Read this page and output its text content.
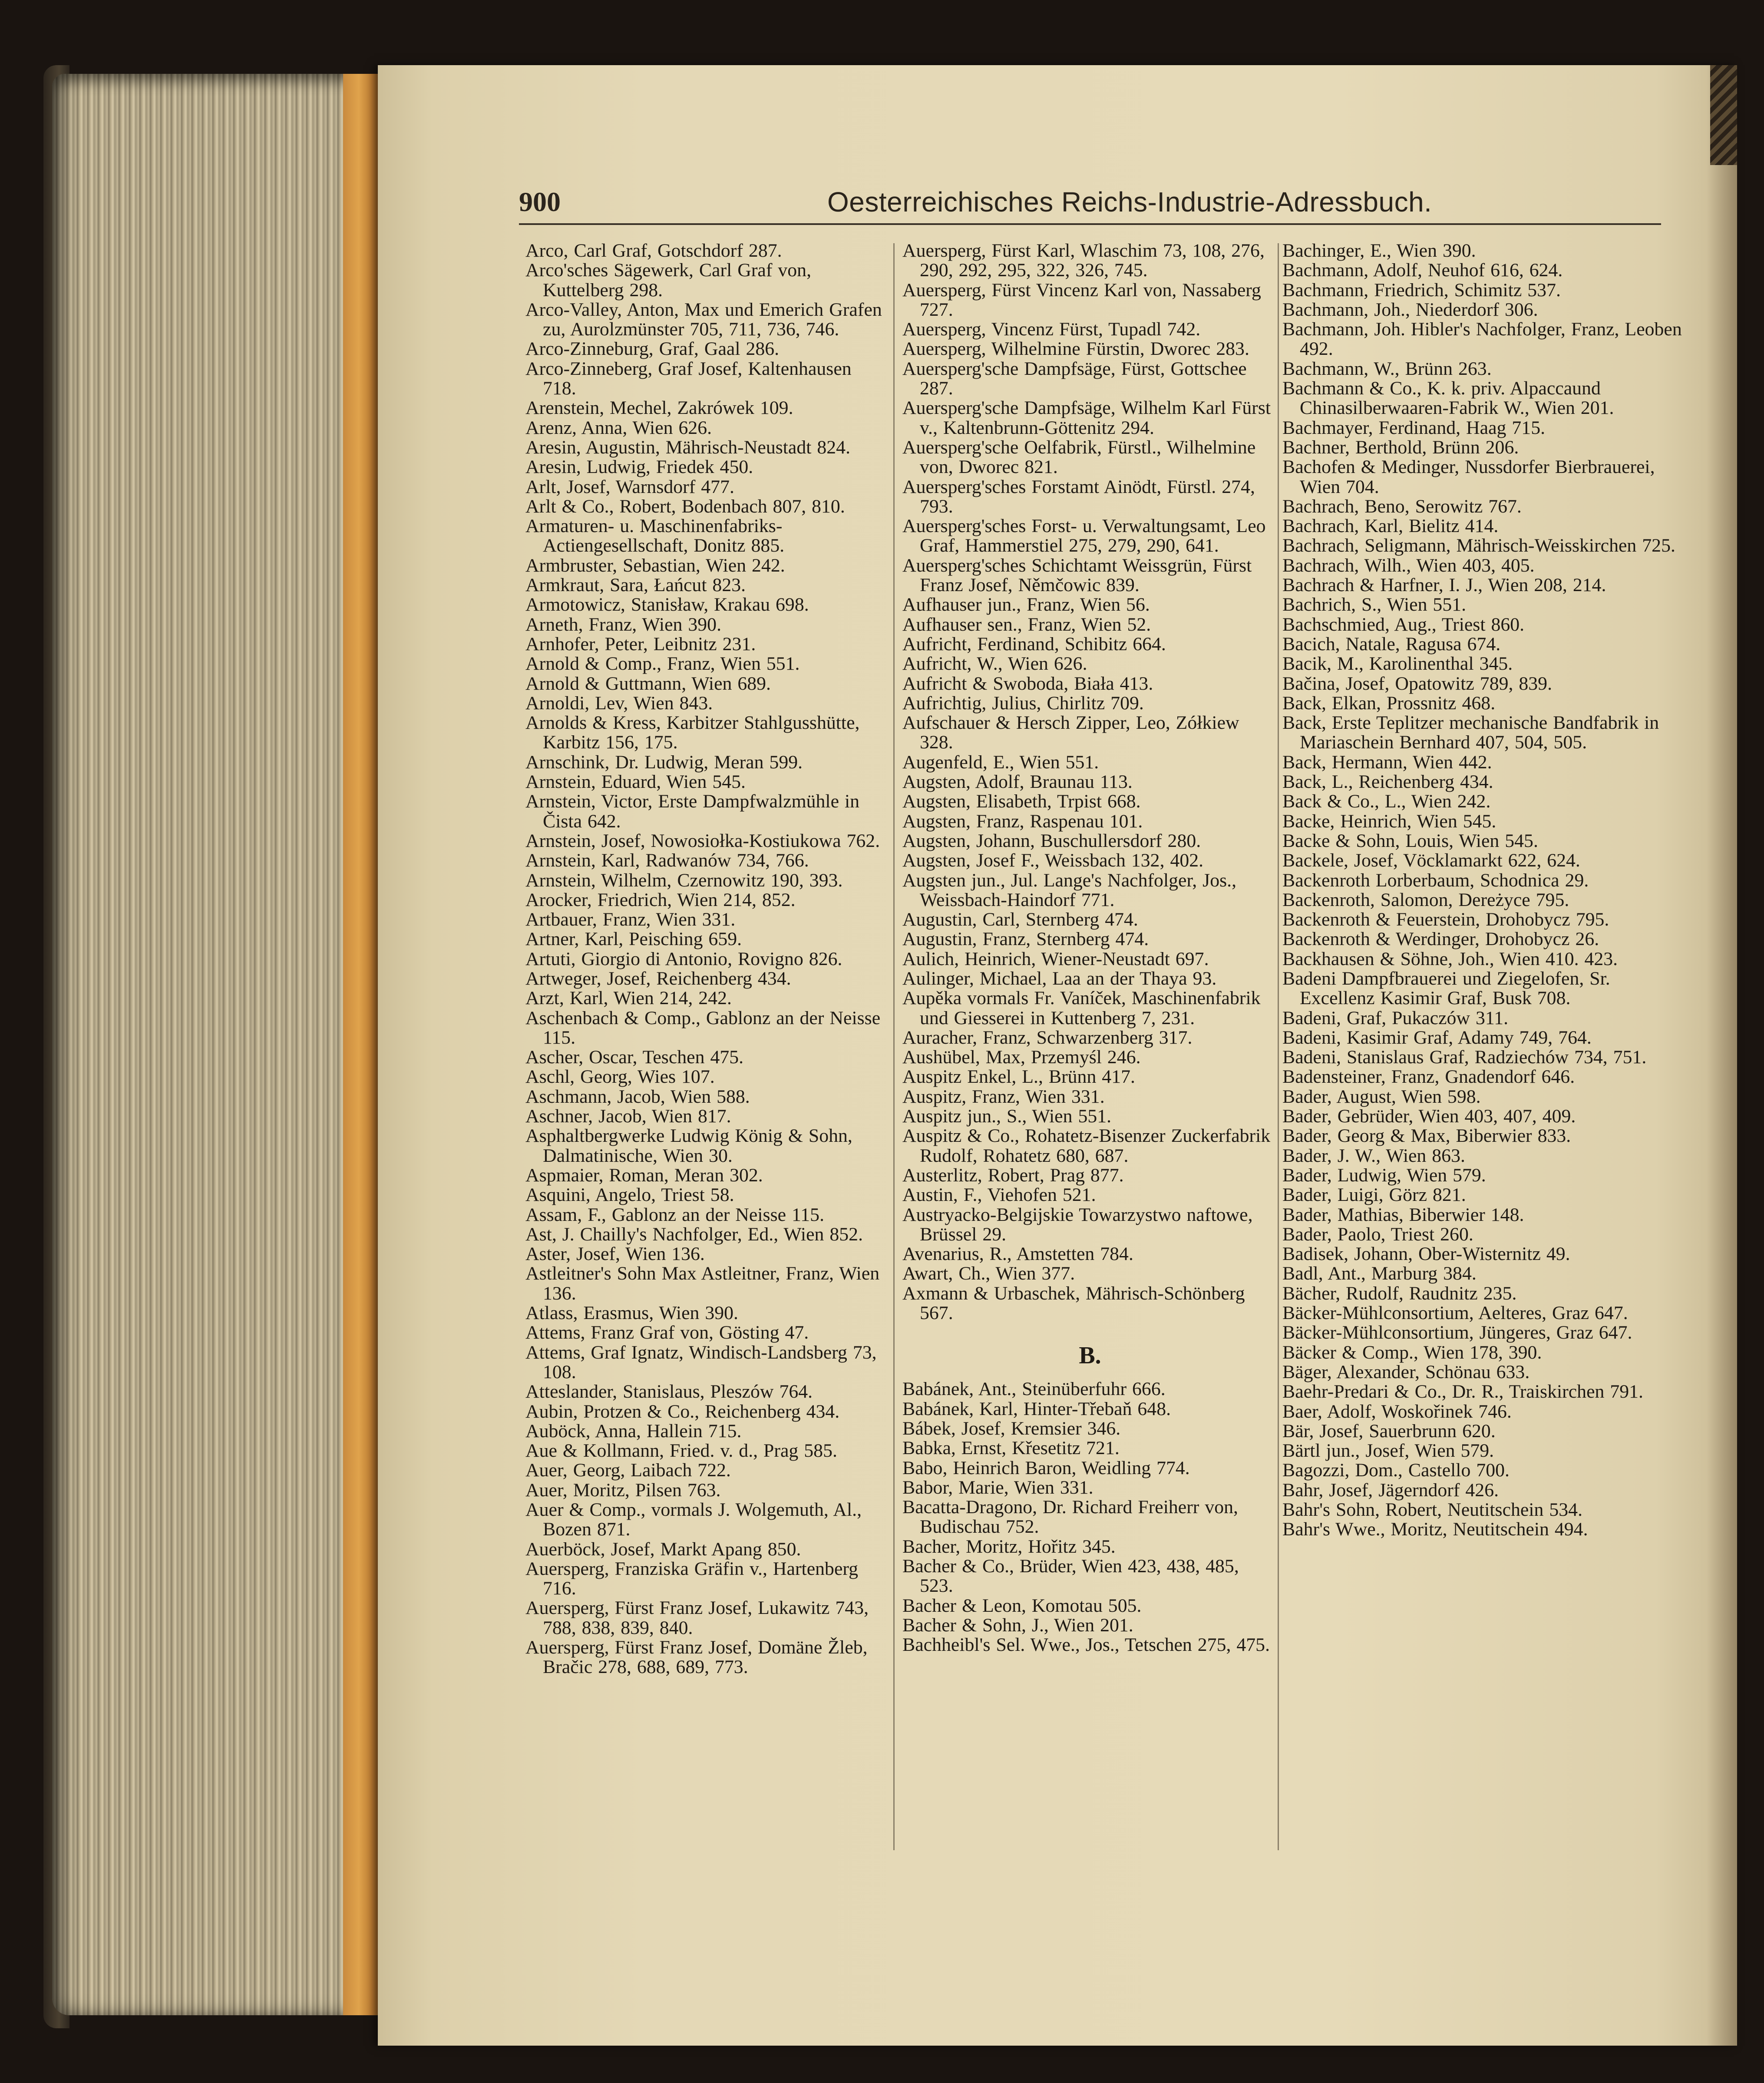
900	Oesterreichisches Reichs-Industrie-Adressbuch.

Arco, Carl Graf, Gotschdorf 287.

Arco'sches Sägewerk, Carl Graf von, Kuttelberg 298.

Arco-Valley, Anton, Max und Emerich Grafen zu, Aurolzmünster 705, 711, 736, 746.

Arco-Zinneburg, Graf, Gaal 286.

Arco-Zinneberg, Graf Josef, Kaltenhausen 718.

Arenstein, Mechel, Zakrówek 109.

Arenz, Anna, Wien 626.

Aresin, Augustin, Mährisch-Neustadt 824.

Aresin, Ludwig, Friedek 450.

Arlt, Josef, Warnsdorf 477.

Arlt & Co., Robert, Bodenbach 807, 810.

Armaturen- u. Maschinenfabriks-Actiengesellschaft, Donitz 885.

Armbruster, Sebastian, Wien 242.

Armkraut, Sara, Łańcut 823.

Armotowicz, Stanisław, Krakau 698.

Arneth, Franz, Wien 390.

Arnhofer, Peter, Leibnitz 231.

Arnold & Comp., Franz, Wien 551.

Arnold & Guttmann, Wien 689.

Arnoldi, Lev, Wien 843.

Arnolds & Kress, Karbitzer Stahlgusshütte, Karbitz 156, 175.

Arnschink, Dr. Ludwig, Meran 599.

Arnstein, Eduard, Wien 545.

Arnstein, Victor, Erste Dampfwalzmühle in Čista 642.

Arnstein, Josef, Nowosiołka-Kostiukowa 762.

Arnstein, Karl, Radwanów 734, 766.

Arnstein, Wilhelm, Czernowitz 190, 393.

Arocker, Friedrich, Wien 214, 852.

Artbauer, Franz, Wien 331.

Artner, Karl, Peisching 659.

Artuti, Giorgio di Antonio, Rovigno 826.

Artweger, Josef, Reichenberg 434.

Arzt, Karl, Wien 214, 242.

Aschenbach & Comp., Gablonz an der Neisse 115.

Ascher, Oscar, Teschen 475.

Aschl, Georg, Wies 107.

Aschmann, Jacob, Wien 588.

Aschner, Jacob, Wien 817.

Asphaltbergwerke Ludwig König & Sohn, Dalmatinische, Wien 30.

Aspmaier, Roman, Meran 302.

Asquini, Angelo, Triest 58.

Assam, F., Gablonz an der Neisse 115.

Ast, J. Chailly's Nachfolger, Ed., Wien 852.

Aster, Josef, Wien 136.

Astleitner's Sohn Max Astleitner, Franz, Wien 136.

Atlass, Erasmus, Wien 390.

Attems, Franz Graf von, Gösting 47.

Attems, Graf Ignatz, Windisch-Landsberg 73, 108.

Atteslander, Stanislaus, Pleszów 764.

Aubin, Protzen & Co., Reichenberg 434.

Auböck, Anna, Hallein 715.

Aue & Kollmann, Fried. v. d., Prag 585.

Auer, Georg, Laibach 722.

Auer, Moritz, Pilsen 763.

Auer & Comp., vormals J. Wolgemuth, Al., Bozen 871.

Auerböck, Josef, Markt Apang 850.

Auersperg, Franziska Gräfin v., Hartenberg 716.

Auersperg, Fürst Franz Josef, Lukawitz 743, 788, 838, 839, 840.

Auersperg, Fürst Franz Josef, Domäne Žleb, Bračic 278, 688, 689, 773.

Auersperg, Fürst Karl, Wlaschim 73, 108, 276, 290, 292, 295, 322, 326, 745.

Auersperg, Fürst Vincenz Karl von, Nassaberg 727.

Auersperg, Vincenz Fürst, Tupadl 742.

Auersperg, Wilhelmine Fürstin, Dworec 283.

Auersperg'sche Dampfsäge, Fürst, Gottschee 287.

Auersperg'sche Dampfsäge, Wilhelm Karl Fürst v., Kaltenbrunn-Göttenitz 294.

Auersperg'sche Oelfabrik, Fürstl., Wilhelmine von, Dworec 821.

Auersperg'sches Forstamt Ainödt, Fürstl. 274, 793.

Auersperg'sches Forst- u. Verwaltungsamt, Leo Graf, Hammerstiel 275, 279, 290, 641.

Auersperg'sches Schichtamt Weissgrün, Fürst Franz Josef, Němčowic 839.

Aufhauser jun., Franz, Wien 56.

Aufhauser sen., Franz, Wien 52.

Aufricht, Ferdinand, Schibitz 664.

Aufricht, W., Wien 626.

Aufricht & Swoboda, Biała 413.

Aufrichtig, Julius, Chirlitz 709.

Aufschauer & Hersch Zipper, Leo, Zółkiew 328.

Augenfeld, E., Wien 551.

Augsten, Adolf, Braunau 113.

Augsten, Elisabeth, Trpist 668.

Augsten, Franz, Raspenau 101.

Augsten, Johann, Buschullersdorf 280.

Augsten, Josef F., Weissbach 132, 402.

Augsten jun., Jul. Lange's Nachfolger, Jos., Weissbach-Haindorf 771.

Augustin, Carl, Sternberg 474.

Augustin, Franz, Sternberg 474.

Aulich, Heinrich, Wiener-Neustadt 697.

Aulinger, Michael, Laa an der Thaya 93.

Aupěka vormals Fr. Vaníček, Maschinenfabrik und Giesserei in Kuttenberg 7, 231.

Auracher, Franz, Schwarzenberg 317.

Aushübel, Max, Przemyśl 246.

Auspitz Enkel, L., Brünn 417.

Auspitz, Franz, Wien 331.

Auspitz jun., S., Wien 551.

Auspitz & Co., Rohatetz-Bisenzer Zuckerfabrik Rudolf, Rohatetz 680, 687.

Austerlitz, Robert, Prag 877.

Austin, F., Viehofen 521.

Austryacko-Belgijskie Towarzystwo naftowe, Brüssel 29.

Avenarius, R., Amstetten 784.

Awart, Ch., Wien 377.

Axmann & Urbaschek, Mährisch-Schönberg 567.

B.

Babánek, Ant., Steinüberfuhr 666.

Babánek, Karl, Hinter-Třebaň 648.

Bábek, Josef, Kremsier 346.

Babka, Ernst, Křesetitz 721.

Babo, Heinrich Baron, Weidling 774.

Babor, Marie, Wien 331.

Bacatta-Dragono, Dr. Richard Freiherr von, Budischau 752.

Bacher, Moritz, Hořitz 345.

Bacher & Co., Brüder, Wien 423, 438, 485, 523.

Bacher & Leon, Komotau 505.

Bacher & Sohn, J., Wien 201.

Bachheibl's Sel. Wwe., Jos., Tetschen 275, 475.

Bachinger, E., Wien 390.

Bachmann, Adolf, Neuhof 616, 624.

Bachmann, Friedrich, Schimitz 537.

Bachmann, Joh., Niederdorf 306.

Bachmann, Joh. Hibler's Nachfolger, Franz, Leoben 492.

Bachmann, W., Brünn 263.

Bachmann & Co., K. k. priv. Alpaccaund Chinasilberwaaren-Fabrik W., Wien 201.

Bachmayer, Ferdinand, Haag 715.

Bachner, Berthold, Brünn 206.

Bachofen & Medinger, Nussdorfer Bierbrauerei, Wien 704.

Bachrach, Beno, Serowitz 767.

Bachrach, Karl, Bielitz 414.

Bachrach, Seligmann, Mährisch-Weisskirchen 725.

Bachrach, Wilh., Wien 403, 405.

Bachrach & Harfner, I. J., Wien 208, 214.

Bachrich, S., Wien 551.

Bachschmied, Aug., Triest 860.

Bacich, Natale, Ragusa 674.

Bacik, M., Karolinenthal 345.

Bačina, Josef, Opatowitz 789, 839.

Back, Elkan, Prossnitz 468.

Back, Erste Teplitzer mechanische Bandfabrik in Mariaschein Bernhard 407, 504, 505.

Back, Hermann, Wien 442.

Back, L., Reichenberg 434.

Back & Co., L., Wien 242.

Backe, Heinrich, Wien 545.

Backe & Sohn, Louis, Wien 545.

Backele, Josef, Vöcklamarkt 622, 624.

Backenroth Lorberbaum, Schodnica 29.

Backenroth, Salomon, Dereżyce 795.

Backenroth & Feuerstein, Drohobycz 795.

Backenroth & Werdinger, Drohobycz 26.

Backhausen & Söhne, Joh., Wien 410. 423.

Badeni Dampfbrauerei und Ziegelofen, Sr. Excellenz Kasimir Graf, Busk 708.

Badeni, Graf, Pukaczów 311.

Badeni, Kasimir Graf, Adamy 749, 764.

Badeni, Stanislaus Graf, Radziechów 734, 751.

Badensteiner, Franz, Gnadendorf 646.

Bader, August, Wien 598.

Bader, Gebrüder, Wien 403, 407, 409.

Bader, Georg & Max, Biberwier 833.

Bader, J. W., Wien 863.

Bader, Ludwig, Wien 579.

Bader, Luigi, Görz 821.

Bader, Mathias, Biberwier 148.

Bader, Paolo, Triest 260.

Badisek, Johann, Ober-Wisternitz 49.

Badl, Ant., Marburg 384.

Bächer, Rudolf, Raudnitz 235.

Bäcker-Mühlconsortium, Aelteres, Graz 647.

Bäcker-Mühlconsortium, Jüngeres, Graz 647.

Bäcker & Comp., Wien 178, 390.

Bäger, Alexander, Schönau 633.

Baehr-Predari & Co., Dr. R., Traiskirchen 791.

Baer, Adolf, Woskořinek 746.

Bär, Josef, Sauerbrunn 620.

Bärtl jun., Josef, Wien 579.

Bagozzi, Dom., Castello 700.

Bahr, Josef, Jägerndorf 426.

Bahr's Sohn, Robert, Neutitschein 534.

Bahr's Wwe., Moritz, Neutitschein 494.
